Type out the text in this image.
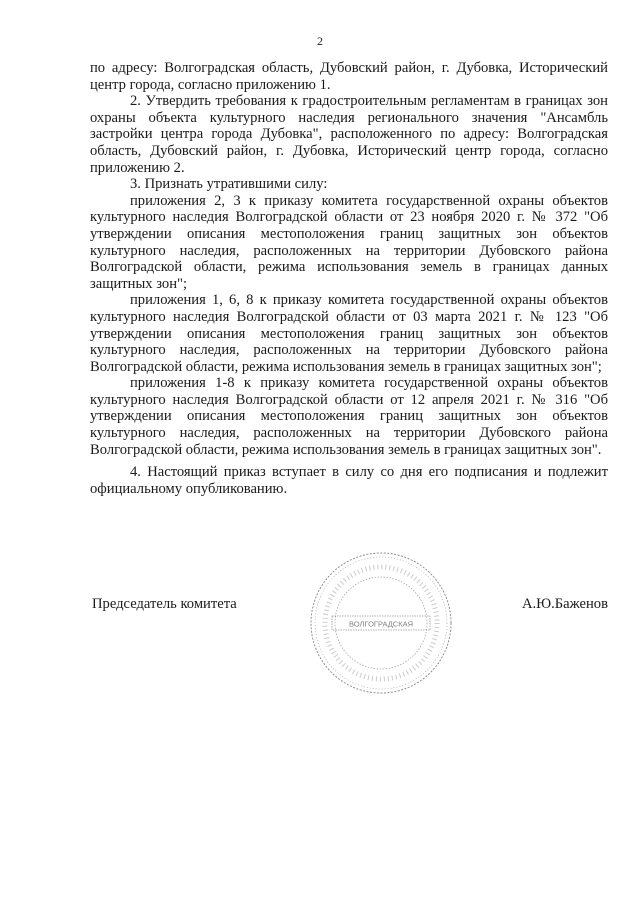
2

по адресу: Волгоградская область, Дубовский район, г. Дубовка, Исторический центр города, согласно приложению 1.

2. Утвердить требования к градостроительным регламентам в границах зон охраны объекта культурного наследия регионального значения "Ансамбль застройки центра города Дубовка", расположенного по адресу: Волгоградская область, Дубовский район, г. Дубовка, Исторический центр города, согласно приложению 2.

3. Признать утратившими силу:

приложения 2, 3 к приказу комитета государственной охраны объектов культурного наследия Волгоградской области от 23 ноября 2020 г. № 372 "Об утверждении описания местоположения границ защитных зон объектов культурного наследия, расположенных на территории Дубовского района Волгоградской области, режима использования земель в границах данных защитных зон";

приложения 1, 6, 8 к приказу комитета государственной охраны объектов культурного наследия Волгоградской области от 03 марта 2021 г. № 123 "Об утверждении описания местоположения границ защитных зон объектов культурного наследия, расположенных на территории Дубовского района Волгоградской области, режима использования земель в границах защитных зон";

приложения 1-8 к приказу комитета государственной охраны объектов культурного наследия Волгоградской области от 12 апреля 2021 г. № 316 "Об утверждении описания местоположения границ защитных зон объектов культурного наследия, расположенных на территории Дубовского района Волгоградской области, режима использования земель в границах защитных зон".

4. Настоящий приказ вступает в силу со дня его подписания и подлежит официальному опубликованию.

ВОЛГОГРАДСКАЯ
Председатель комитета	А.Ю.Баженов
